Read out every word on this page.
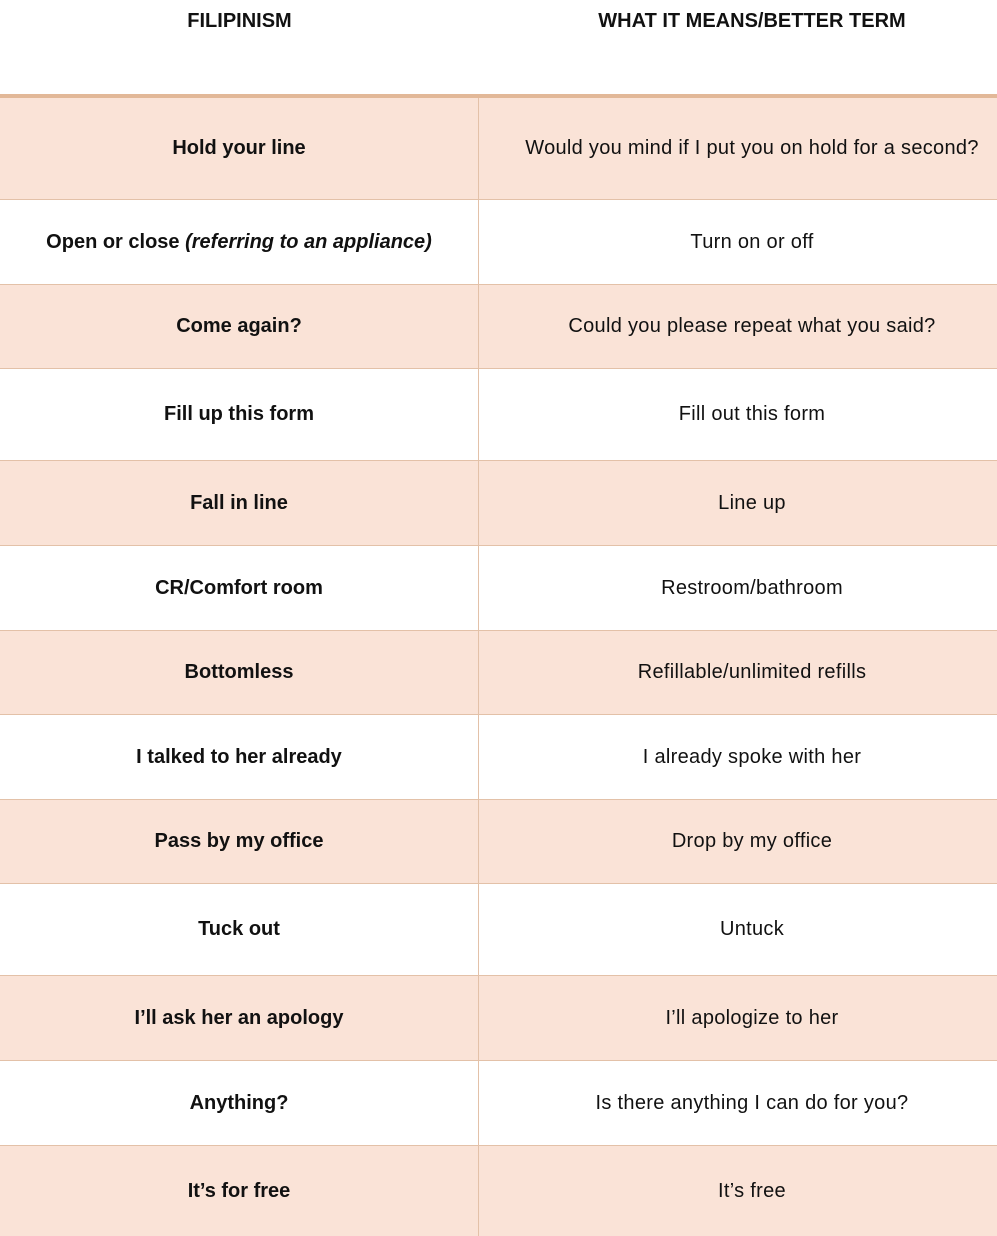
FILIPINISM	WHAT IT MEANS/BETTER TERM
Hold your line	Would you mind if I put you on hold for a second?
Open or close
(referring to an appliance)	Turn on or off
Come again?	Could you please repeat what you said?
Fill up this form	Fill out this form
Fall in line	Line up
CR/Comfort room	Restroom/bathroom
Bottomless	Refillable/unlimited refills
I talked to her already	I already spoke with her
Pass by my office	Drop by my office
Tuck out	Untuck
I’ll ask her an apology	I’ll apologize to her
Anything?	Is there anything I can do for you?
It’s for free	It’s free
